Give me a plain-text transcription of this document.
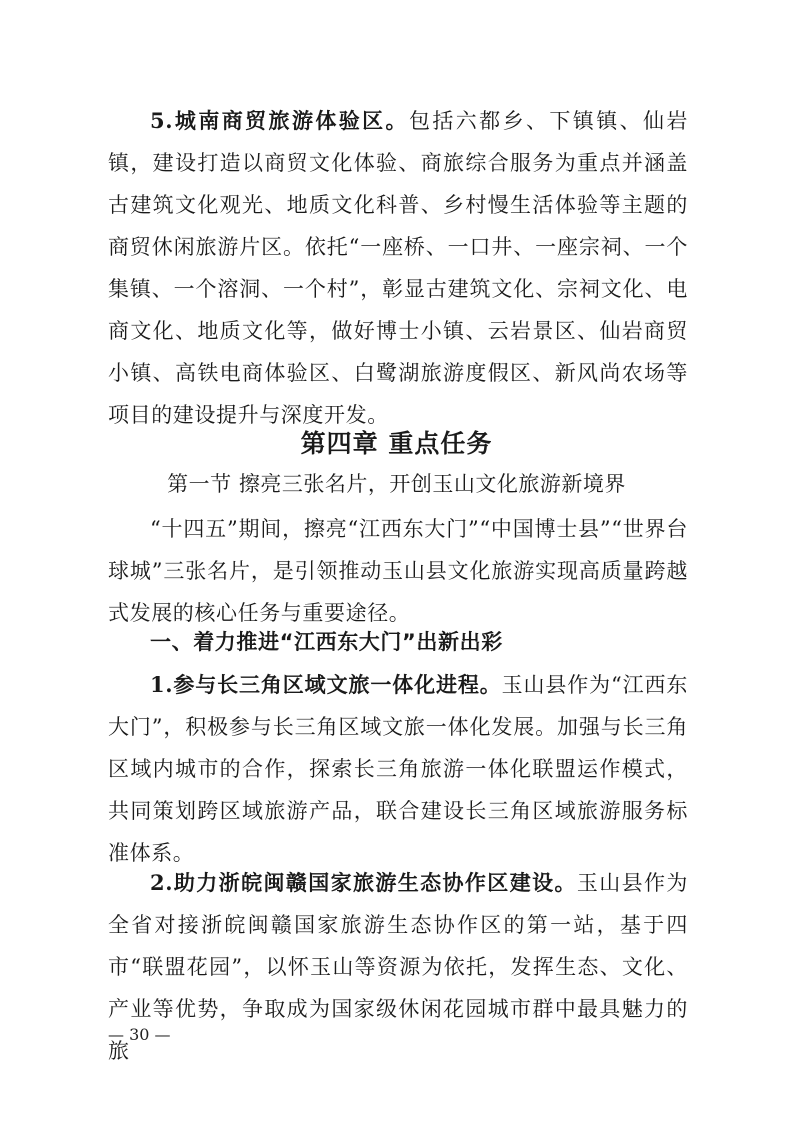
5.城南商贸旅游体验区。包括六都乡、下镇镇、仙岩镇，建设打造以商贸文化体验、商旅综合服务为重点并涵盖古建筑文化观光、地质文化科普、乡村慢生活体验等主题的商贸休闲旅游片区。依托“一座桥、一口井、一座宗祠、一个集镇、一个溶洞、一个村”，彰显古建筑文化、宗祠文化、电商文化、地质文化等，做好博士小镇、云岩景区、仙岩商贸小镇、高铁电商体验区、白鹭湖旅游度假区、新风尚农场等项目的建设提升与深度开发。

第四章 重点任务
第一节 擦亮三张名片，开创玉山文化旅游新境界

“十四五”期间，擦亮“江西东大门”“中国博士县”“世界台球城”三张名片，是引领推动玉山县文化旅游实现高质量跨越式发展的核心任务与重要途径。

一、着力推进“江西东大门”出新出彩

1.参与长三角区域文旅一体化进程。玉山县作为“江西东大门”，积极参与长三角区域文旅一体化发展。加强与长三角区域内城市的合作，探索长三角旅游一体化联盟运作模式，共同策划跨区域旅游产品，联合建设长三角区域旅游服务标准体系。

2.助力浙皖闽赣国家旅游生态协作区建设。玉山县作为全省对接浙皖闽赣国家旅游生态协作区的第一站，基于四市“联盟花园”，以怀玉山等资源为依托，发挥生态、文化、产业等优势，争取成为国家级休闲花园城市群中最具魅力的旅

— 30 —
